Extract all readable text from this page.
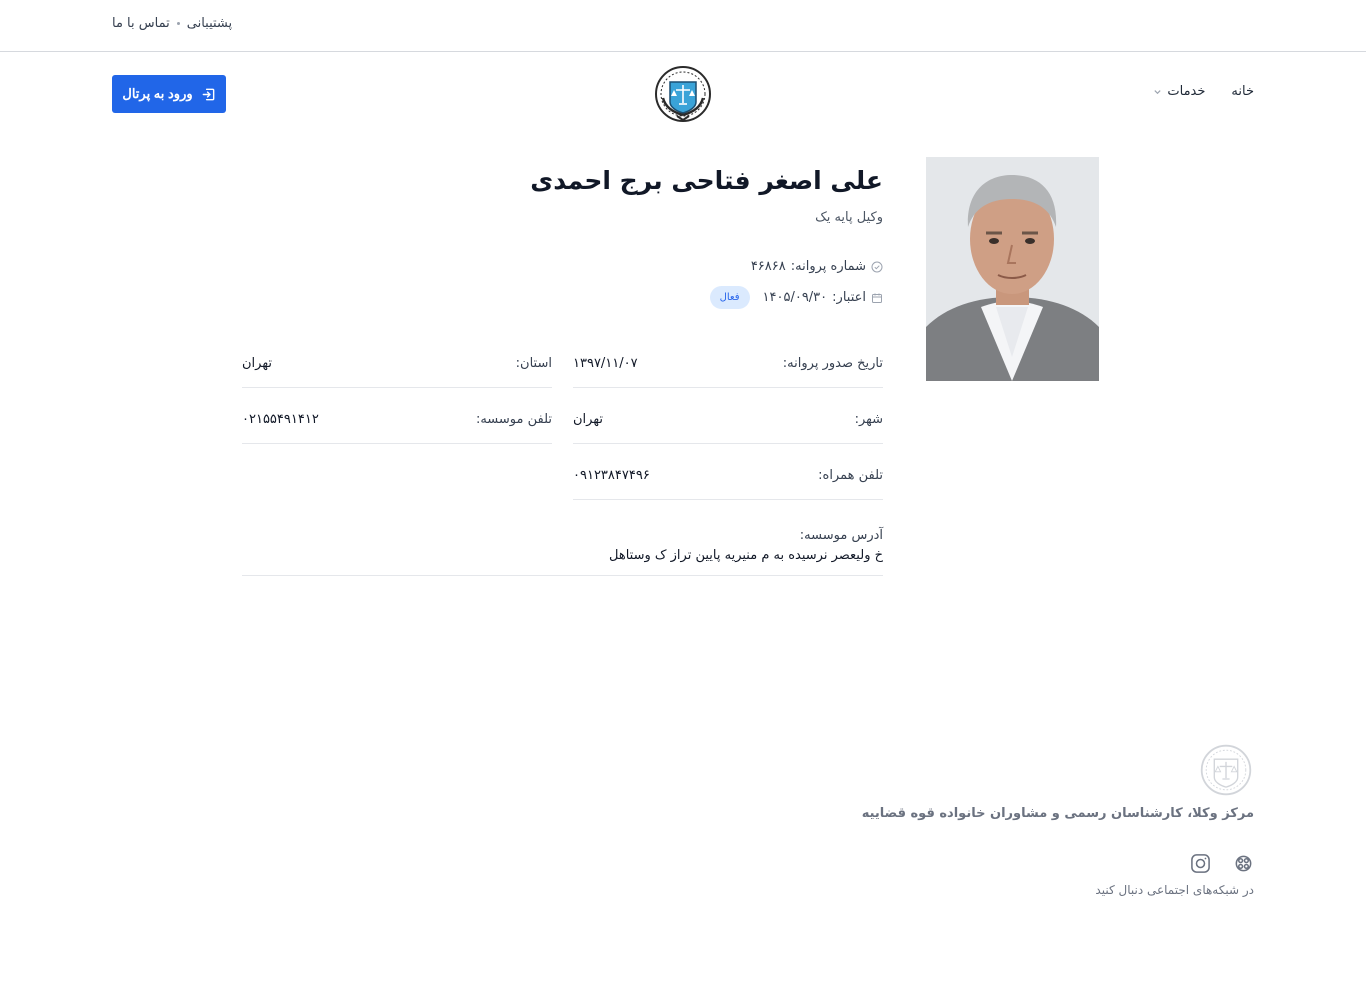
پشتیبانی
تماس با ما
ورود به پرتال	خانه
خدمات
علی اصغر فتاحی برج احمدی
وکیل پایه یک
شماره پروانه:
۴۶۸۶۸
اعتبار:
۱۴۰۵/۰۹/۳۰
فعال
تاریخ صدور پروانه:
۱۳۹۷/۱۱/۰۷
استان:
تهران
شهر:
تهران
تلفن موسسه:
۰۲۱۵۵۴۹۱۴۱۲
تلفن همراه:
۰۹۱۲۳۸۴۷۴۹۶
آدرس موسسه:
خ ولیعصر نرسیده به م منیریه پایین تراز ک وستاهل
مرکز وکلا، کارشناسان رسمی و مشاوران خانواده قوه قضاییه
در شبکه‌های اجتماعی دنبال کنید
